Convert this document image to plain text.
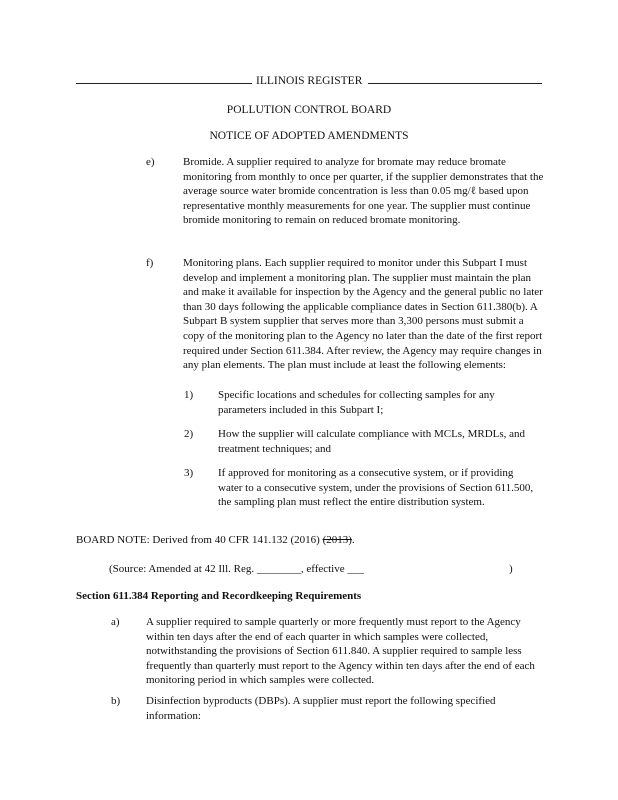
ILLINOIS REGISTER
POLLUTION CONTROL BOARD
NOTICE OF ADOPTED AMENDMENTS
e)	Bromide. A supplier required to analyze for bromate may reduce bromate monitoring from monthly to once per quarter, if the supplier demonstrates that the average source water bromide concentration is less than 0.05 mg/ℓ based upon representative monthly measurements for one year. The supplier must continue bromide monitoring to remain on reduced bromate monitoring.
f)	Monitoring plans. Each supplier required to monitor under this Subpart I must develop and implement a monitoring plan. The supplier must maintain the plan and make it available for inspection by the Agency and the general public no later than 30 days following the applicable compliance dates in Section 611.380(b). A Subpart B system supplier that serves more than 3,300 persons must submit a copy of the monitoring plan to the Agency no later than the date of the first report required under Section 611.384. After review, the Agency may require changes in any plan elements. The plan must include at least the following elements:
1) Specific locations and schedules for collecting samples for any parameters included in this Subpart I;
2) How the supplier will calculate compliance with MCLs, MRDLs, and treatment techniques; and
3) If approved for monitoring as a consecutive system, or if providing water to a consecutive system, under the provisions of Section 611.500, the sampling plan must reflect the entire distribution system.
BOARD NOTE: Derived from 40 CFR 141.132 (2016) (2013).
(Source: Amended at 42 Ill. Reg. ________, effective ___	)
Section 611.384 Reporting and Recordkeeping Requirements
a) A supplier required to sample quarterly or more frequently must report to the Agency within ten days after the end of each quarter in which samples were collected, notwithstanding the provisions of Section 611.840. A supplier required to sample less frequently than quarterly must report to the Agency within ten days after the end of each monitoring period in which samples were collected.
b) Disinfection byproducts (DBPs). A supplier must report the following specified information:
